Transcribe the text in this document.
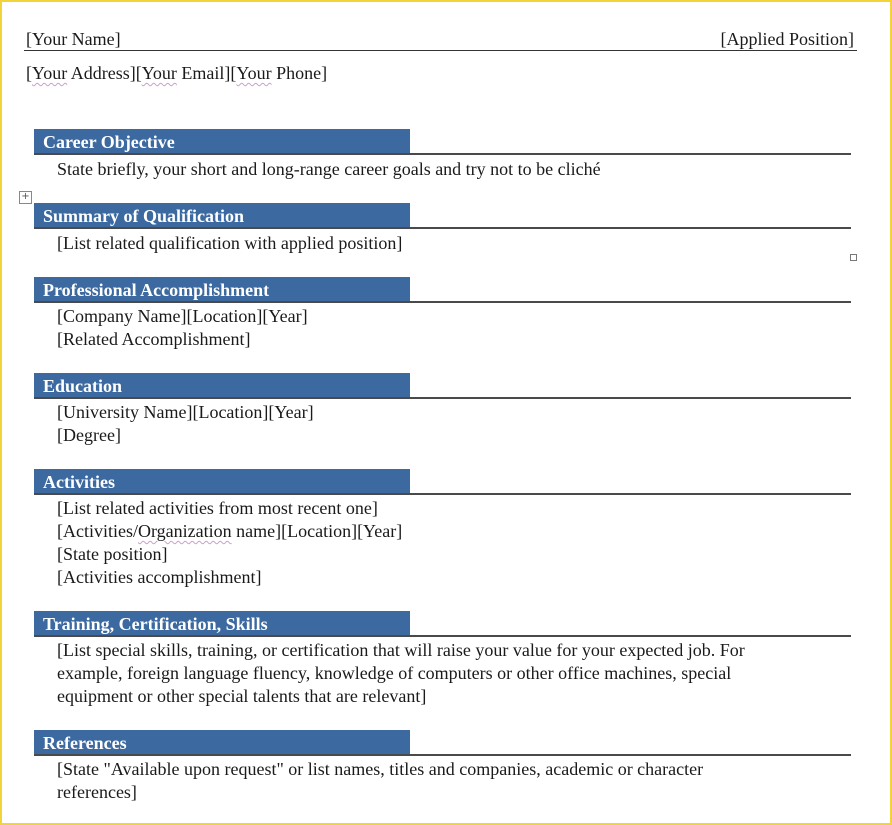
[Your Name]	[Applied Position]
[Your Address][Your Email][Your Phone]
+
Career Objective
State briefly, your short and long-range career goals and try not to be cliché
Summary of Qualification
[List related qualification with applied position]
Professional Accomplishment
[Company Name][Location][Year]
[Related Accomplishment]
Education
[University Name][Location][Year]
[Degree]
Activities
[List related activities from most recent one]
[Activities/Organization name][Location][Year]
[State position]
[Activities accomplishment]
Training, Certification, Skills
[List special skills, training, or certification that will raise your value for your expected job. For
example, foreign language fluency, knowledge of computers or other office machines, special
equipment or other special talents that are relevant]
References
[State "Available upon request" or list names, titles and companies, academic or character
references]
